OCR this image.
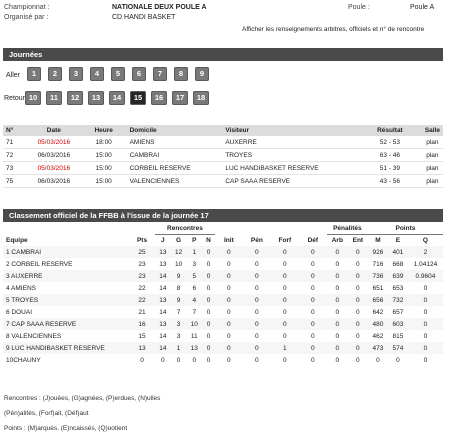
Championnat :	NATIONALE DEUX POULE A
Organisé par :	CD HANDI BASKET
Poule :	Poule A
Afficher les renseignements arbitres, officiels et n° de rencontre
Journées
Aller
Retour
1	2	3	4	5	6	7	8	9
10	11	12	13	14	15	16	17	18
N°	Date	Heure	Domicile	Visiteur	Résultat	Salle
71	05/03/2016	18:00	AMIENS	AUXERRE	52 - 53	plan
72	06/03/2016	15:00	CAMBRAI	TROYES	63 - 46	plan
73	05/03/2016	15:00	CORBEIL RESERVE	LUC HANDIBASKET RESERVE	51 - 39	plan
75	06/03/2016	15:00	VALENCIENNES	CAP SAAA RESERVE	43 - 56	plan
Classement officiel de la FFBB à l'issue de la journée 17
		Rencontres								Pénalités		Points		
Equipe	Pts	J	G	P	N	Init	Pén	Forf	Déf	Arb	Ent	M	E	Q
1 CAMBRAI	25	13	12	1	0	0	0	0	0	0	0	926	401	2
2 CORBEIL RESERVE	23	13	10	3	0	0	0	0	0	0	0	716	668	1.04124
3 AUXERRE	23	14	9	5	0	0	0	0	0	0	0	736	639	0.9604
4 AMIENS	22	14	8	6	0	0	0	0	0	0	0	651	653	0
5 TROYES	22	13	9	4	0	0	0	0	0	0	0	656	732	0
6 DOUAI	21	14	7	7	0	0	0	0	0	0	0	642	657	0
7 CAP SAAA RESERVE	16	13	3	10	0	0	0	0	0	0	0	480	603	0
8 VALENCIENNES	15	14	3	11	0	0	0	0	0	0	0	462	815	0
9 LUC HANDIBASKET RESERVE	13	14	1	13	0	0	0	1	0	0	0	473	574	0
10CHAUNY	0	0	0	0	0	0	0	0	0	0	0	0	0	0
Rencontres : (J)ouées, (G)agnées, (P)erdues, (N)ulles
(Pén)alités, (Forf)ait, (Déf)aut
Points : (M)arqués, (E)ncaissés, (Q)uotient
